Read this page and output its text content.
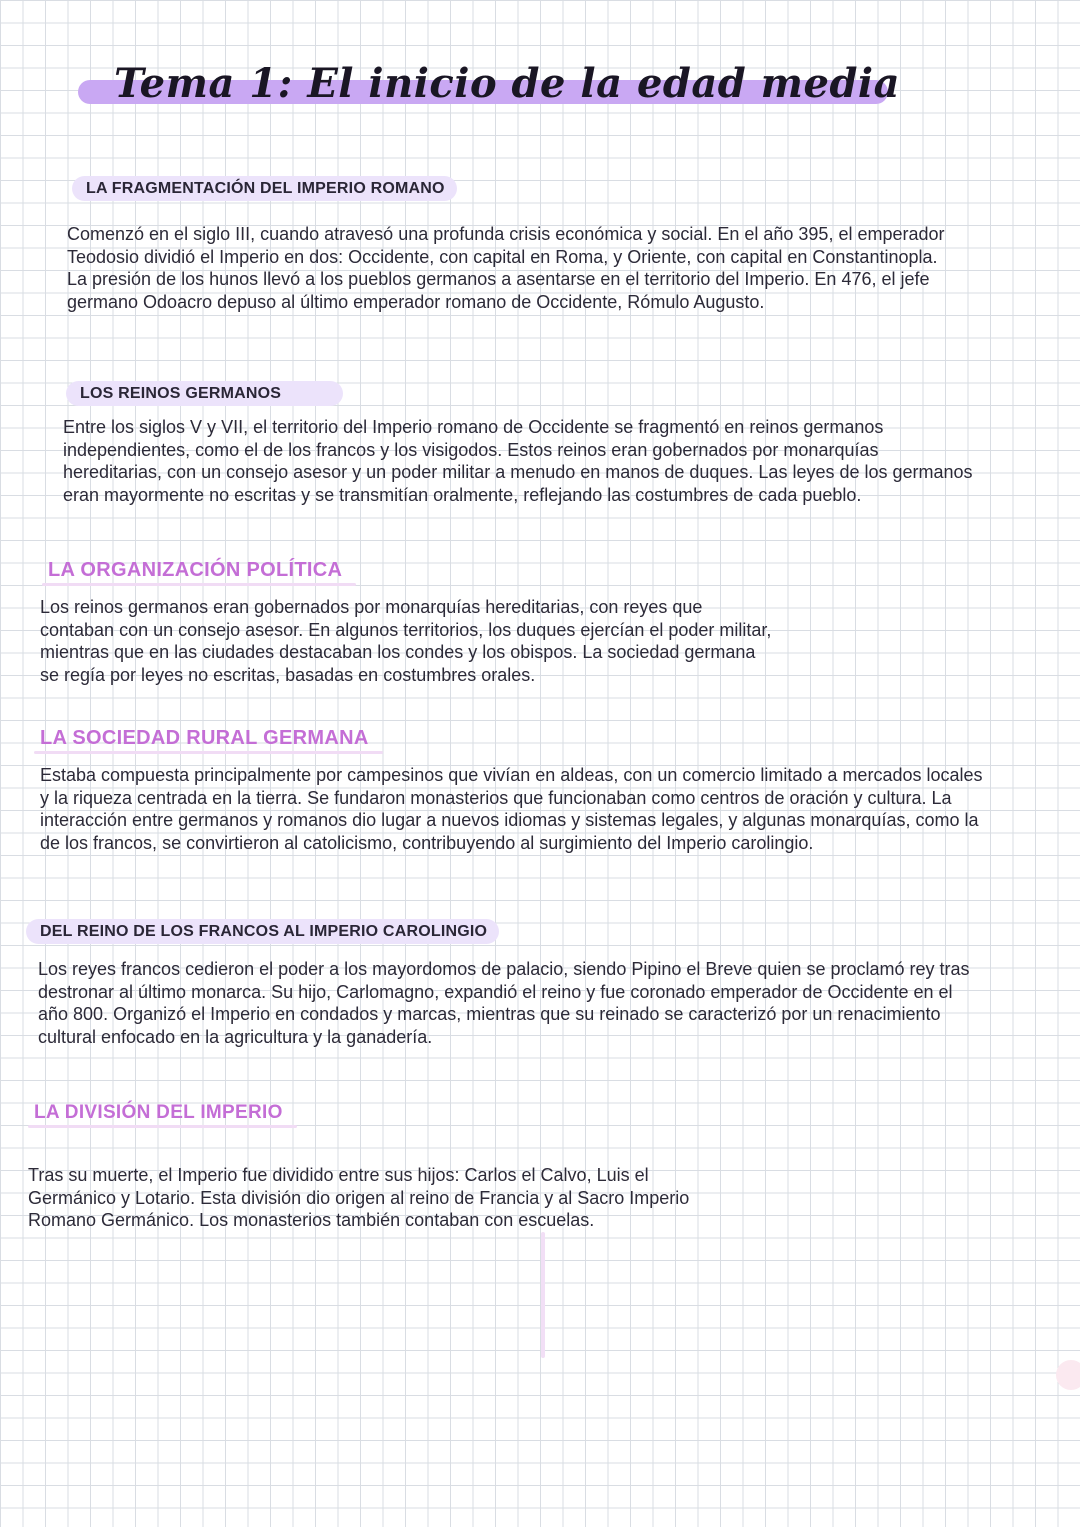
Tema 1: El inicio de la edad media
LA FRAGMENTACIÓN DEL IMPERIO ROMANO

Comenzó en el siglo III, cuando atravesó una profunda crisis económica y social. En el año 395, el emperador Teodosio dividió el Imperio en dos: Occidente, con capital en Roma, y Oriente, con capital en Constantinopla. La presión de los hunos llevó a los pueblos germanos a asentarse en el territorio del Imperio. En 476, el jefe germano Odoacro depuso al último emperador romano de Occidente, Rómulo Augusto.

LOS REINOS GERMANOS

Entre los siglos V y VII, el territorio del Imperio romano de Occidente se fragmentó en reinos germanos independientes, como el de los francos y los visigodos. Estos reinos eran gobernados por monarquías hereditarias, con un consejo asesor y un poder militar a menudo en manos de duques. Las leyes de los germanos eran mayormente no escritas y se transmitían oralmente, reflejando las costumbres de cada pueblo.

LA ORGANIZACIÓN POLÍTICA

Los reinos germanos eran gobernados por monarquías hereditarias, con reyes que contaban con un consejo asesor. En algunos territorios, los duques ejercían el poder militar, mientras que en las ciudades destacaban los condes y los obispos. La sociedad germana se regía por leyes no escritas, basadas en costumbres orales.

LA SOCIEDAD RURAL GERMANA

Estaba compuesta principalmente por campesinos que vivían en aldeas, con un comercio limitado a mercados locales y la riqueza centrada en la tierra. Se fundaron monasterios que funcionaban como centros de oración y cultura. La interacción entre germanos y romanos dio lugar a nuevos idiomas y sistemas legales, y algunas monarquías, como la de los francos, se convirtieron al catolicismo, contribuyendo al surgimiento del Imperio carolingio.

DEL REINO DE LOS FRANCOS AL IMPERIO CAROLINGIO

Los reyes francos cedieron el poder a los mayordomos de palacio, siendo Pipino el Breve quien se proclamó rey tras destronar al último monarca. Su hijo, Carlomagno, expandió el reino y fue coronado emperador de Occidente en el año 800. Organizó el Imperio en condados y marcas, mientras que su reinado se caracterizó por un renacimiento cultural enfocado en la agricultura y la ganadería.

LA DIVISIÓN DEL IMPERIO

Tras su muerte, el Imperio fue dividido entre sus hijos: Carlos el Calvo, Luis el Germánico y Lotario. Esta división dio origen al reino de Francia y al Sacro Imperio Romano Germánico. Los monasterios también contaban con escuelas.
